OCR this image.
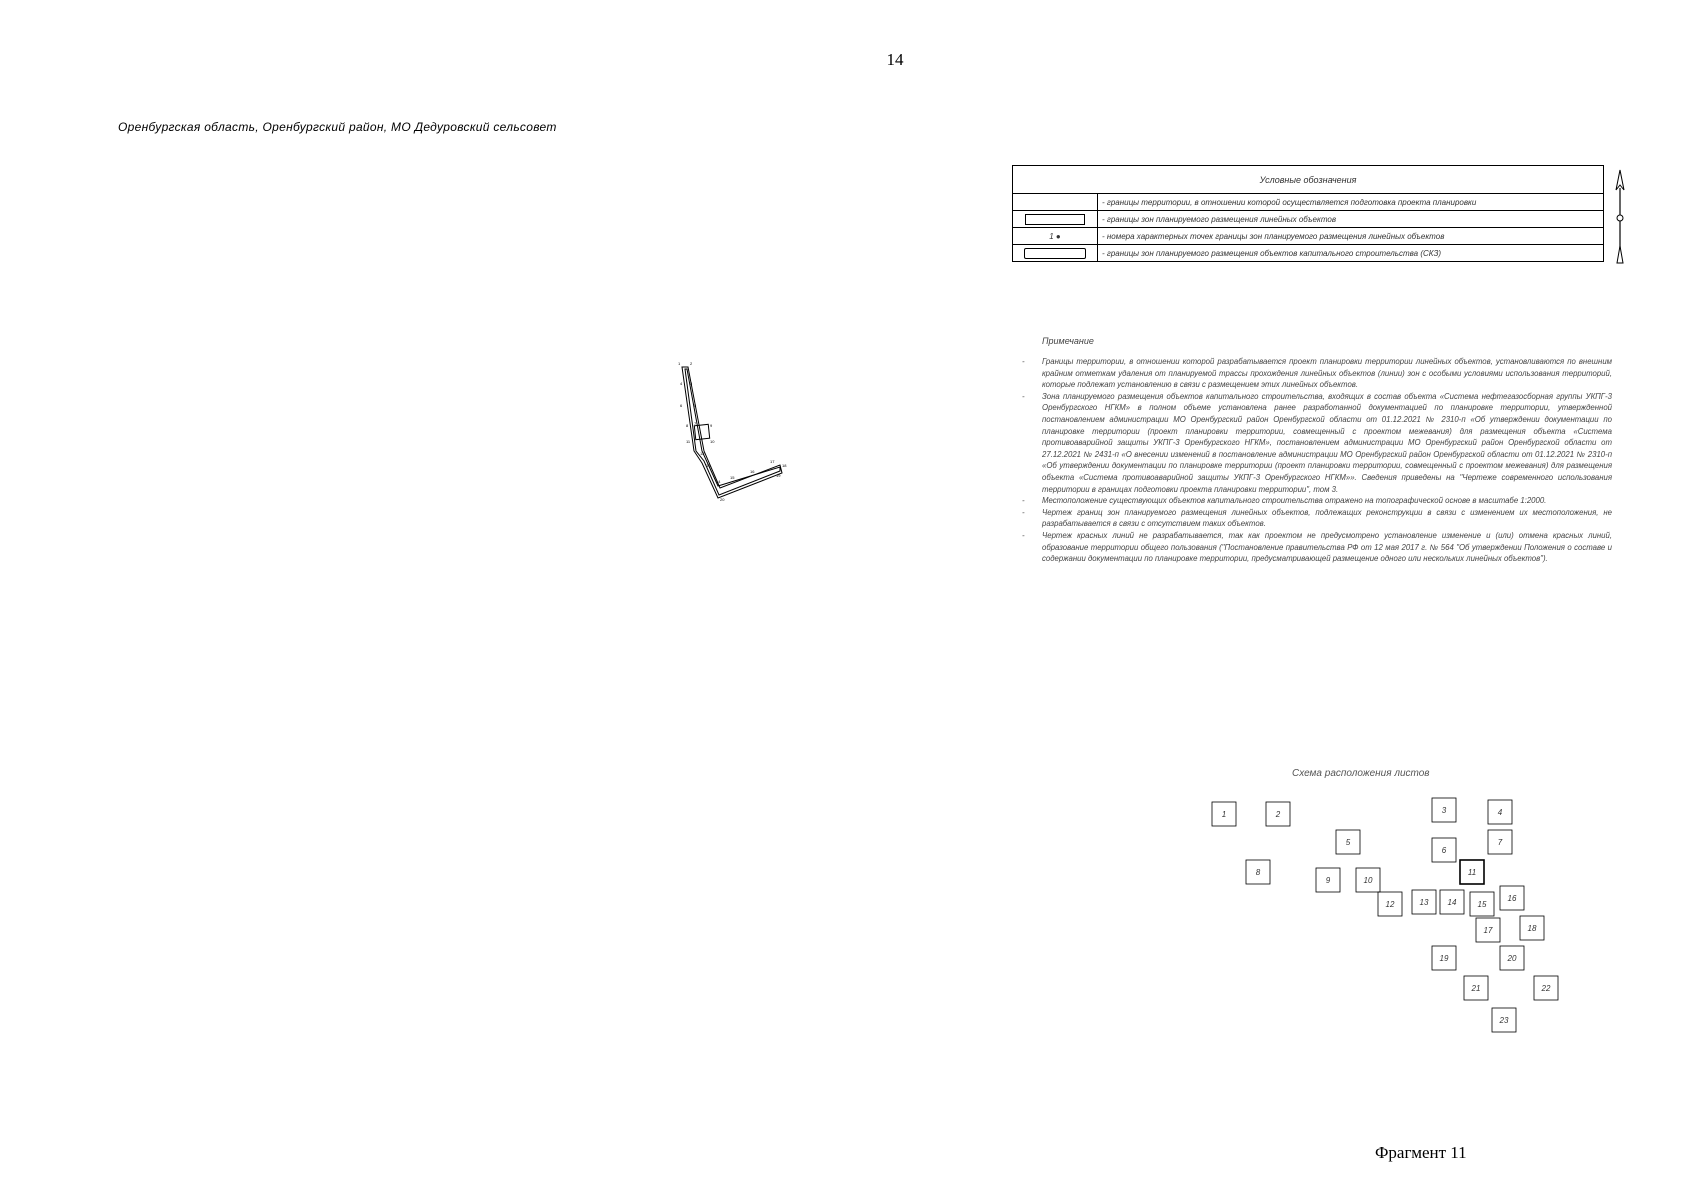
14
Оренбургская область, Оренбургский район, МО Дедуровский сельсовет
Условные обозначения	
	- границы территории, в отношении которой осуществляется подготовка проекта планировки
	- границы зон планируемого размещения линейных объектов
1 ●	- номера характерных точек границы зон планируемого размещения линейных объектов
	- границы зон планируемого размещения объектов капитального строительства (СКЗ)
Примечание
- Границы территории, в отношении которой разрабатывается проект планировки территории линейных объектов, установливаются по внешним крайним отметкам удаления от планируемой трассы прохождения линейных объектов (линии) зон с особыми условиями использования территорий, которые подлежат установлению в связи с размещением этих линейных объектов.
- Зона планируемого размещения объектов капитального строительства, входящих в состав объекта «Система нефтегазосборная группы УКПГ-3 Оренбургского НГКМ» в полном объеме установлена ранее разработанной документацией по планировке территории, утвержденной постановлением администрации МО Оренбургский район Оренбургской области от 01.12.2021 № 2310-п «Об утверждении документации по планировке территории (проект планировки территории, совмещенный с проектом межевания) для размещения объекта «Система противоаварийной защиты УКПГ-3 Оренбургского НГКМ», постановлением администрации МО Оренбургский район Оренбургской области от 27.12.2021 № 2431-п «О внесении изменений в постановление администрации МО Оренбургский район Оренбургской области от 01.12.2021 № 2310-п «Об утверждении документации по планировке территории (проект планировки территории, совмещенный с проектом межевания) для размещения объекта «Система противоаварийной защиты УКПГ-3 Оренбургского НГКМ»». Сведения приведены на "Чертеже современного использования территории в границах подготовки проекта планировки территории", том 3.
- Местоположение существующих объектов капитального строительства отражено на топографической основе в масштабе 1:2000.
- Чертеж границ зон планируемого размещения линейных объектов, подлежащих реконструкции в связи с изменением их местоположения, не разрабатывается в связи с отсутствием таких объектов.
- Чертеж красных линий не разрабатывается, так как проектом не предусмотрено установление изменение и (или) отмена красных линий, образование территории общего пользования ("Постановление правительства РФ от 12 мая 2017 г. № 564 "Об утверждении Положения о составе и содержании документации по планировке территории, предусматривающей размещение одного или нескольких линейных объектов").
1 2
3
4
5
6
7
8	9
10
11
12
13
14
15
16
17
18
19
20
Схема расположения листов
1	2	3	4
5
6
7
8
9	10
11
12	13 14	15
16
17	18
19	20
21	22
23
Фрагмент 11
